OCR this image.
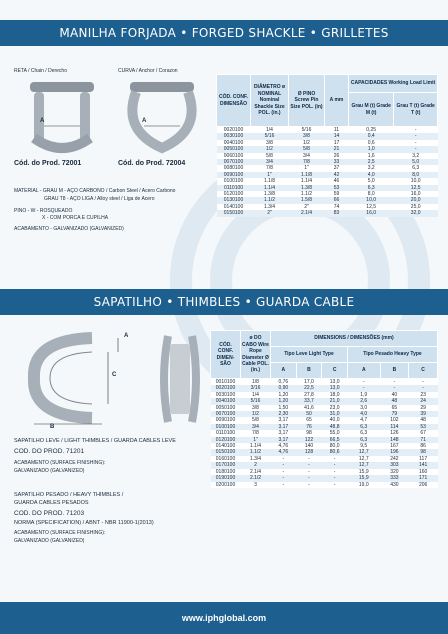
MANILHA FORJADA • FORGED SHACKLE • GRILLETES
RETA / Chain / Derecho	CURVA / Anchor / Corazon
A	A
Cód. do Prod. 72001	Cód. do Prod. 72004
MATERIAL - GRAU M - AÇO CARBONO / Carbon Steel / Acero Carbono
GRAU T8 - AÇO LIGA / Alloy steel / Liga de Acero
PINO - W - ROSQUEADO
X - COM PORCA E CUPILHA
ACABAMENTO - GALVANIZADO (GALVANIZED)
CÓD. CONF. DIMENSÃO	DIÂMETRO ø NOMINAL Nominal Shackle Size POL. (in.)	Ø PINO Screw Pin Size POL. (in)	A mm	CAPACIDADES Working Load Limit	
				Grau M (t) Grade M (t)	Grau T (t) Grade T (t)
0020100	1/4	5/16	11	0,25	-
0030100	5/16	3/8	14	0,4	-
0040100	3/8	1/2	17	0,6	-
0050100	1/2	5/8	21	1,0	-
0060100	5/8	3/4	26	1,6	3,2
0070100	3/4	7/8	33	2,5	5,0
0080100	7/8	1"	37	3,2	6,3
0090100	1"	1.1/8	42	4,0	8,0
0100100	1.1/8	1.1/4	46	5,0	10,0
0110100	1.1/4	1.3/8	53	6,3	12,5
0120100	1.3/8	1.1/2	59	8,0	16,0
0130100	1.1/2	1.5/8	66	10,0	20,0
0140100	1.3/4	2"	74	12,5	25,0
0150100	2"	2.1/4	83	16,0	32,0
SAPATILHO • THIMBLES • GUARDA CABLE
A
C
B
SAPATILHO LEVE / LIGHT THIMBLES / GUARDA CABLES LEVE
COD. DO PROD. 71201
ACABAMENTO (SURFACE FINISHING):
GALVANIZADO (GALVANIZED)
SAPATILHO PESADO / HEAVY THIMBLES /
GUARDA CABLES PESADOS
COD. DO PROD. 71203
NORMA (SPECIFICATION) / ABNT - NBR 11900-1(2013)
ACABAMENTO (SURFACE FINISHING):
GALVANIZADO (GALVANIZED)
CÓD. CONF. DIMEN-SÃO	ø DO CABO Wire Rope Diameter Ø Cable POL. (in.)	DIMENSIONS / DIMENSÕES (mm)					
		Tipo Leve Light Type			Tipo Pesado Heavy Type		
		A	B	C	A	B	C
0010100	1/8	0,76	17,0	13,0	-	-	-
0020100	3/16	0,90	22,5	13,0	-	-	-
0030100	1/4	1,20	27,8	18,0	1,9	40	23
0040100	5/16	1,20	33,7	21,0	2,6	48	24
0050100	3/8	1,50	41,6	23,0	3,0	65	29
0070100	1/2	2,30	50	31,0	4,0	79	39
0090100	5/8	3,17	65	40,0	4,7	102	48
0100100	3/4	3,17	76	48,8	6,3	114	53
0110100	7/8	3,17	98	55,0	6,3	126	67
0120100	1"	3,17	122	66,5	6,3	148	71
0140100	1.1/4	4,76	140	80,0	9,5	167	86
0150100	1.1/2	4,76	128	80,6	12,7	196	98
0160100	1.3/4	-	-	-	12,7	242	117
0170100	2	-	-	-	12,7	303	141
0180100	2.1/4	-	-	-	15,9	320	160
0190100	2.1/2	-	-	-	15,9	333	171
0200100	3	-	-	-	19,0	430	206
www.iphglobal.com
